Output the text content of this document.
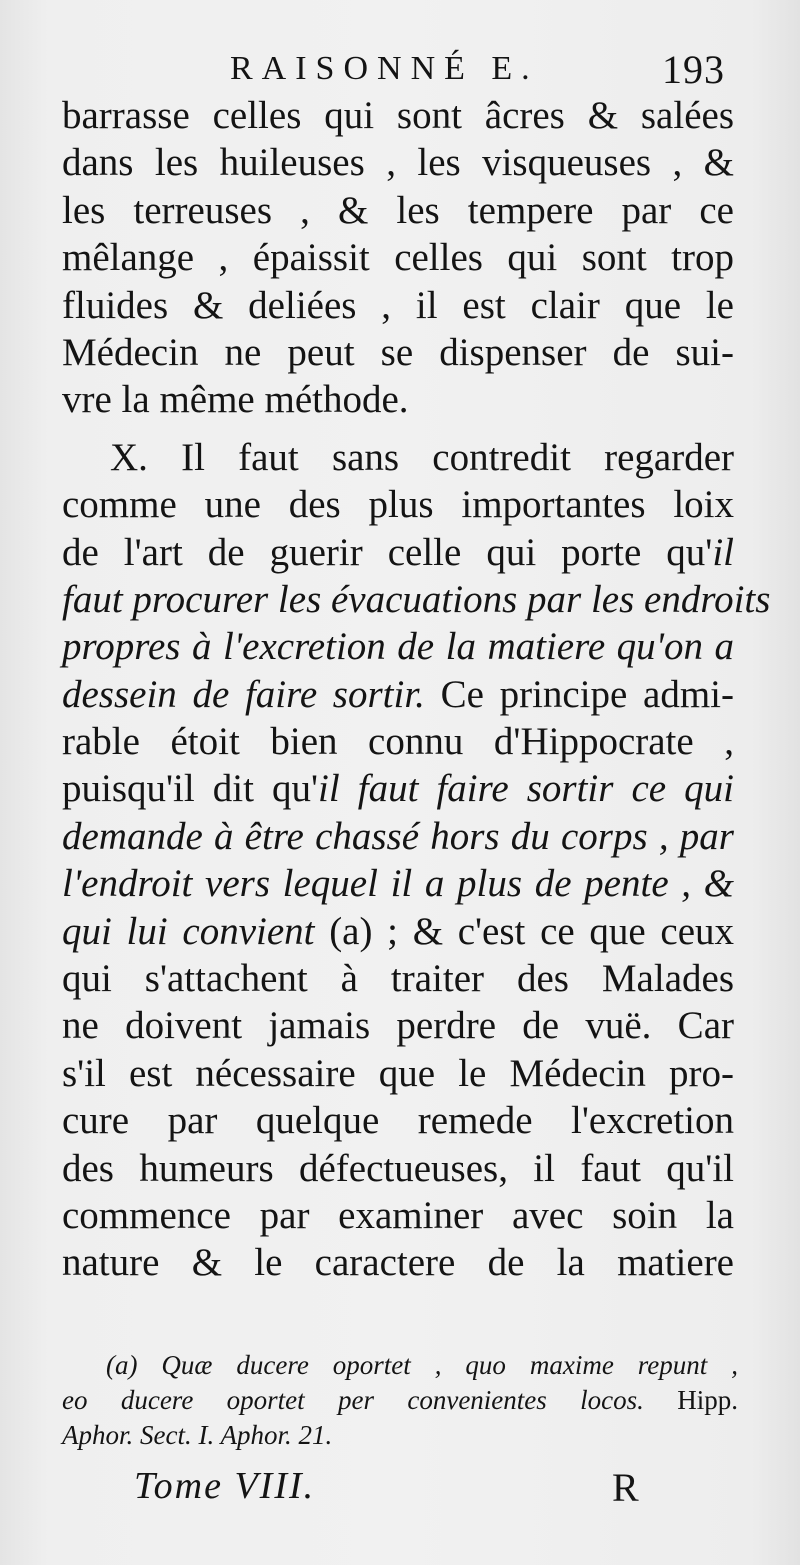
RAISONNÉ E.	193
barrasse celles qui sont âcres & salées
dans les huileuses , les visqueuses , &
les terreuses , & les tempere par ce
mêlange , épaissit celles qui sont trop
fluides & deliées , il est clair que le
Médecin ne peut se dispenser de sui-
vre la même méthode.
X. Il faut sans contredit regarder
comme une des plus importantes loix
de l'art de guerir celle qui porte qu'il
faut procurer les évacuations par les endroits
propres à l'excretion de la matiere qu'on a
dessein de faire sortir. Ce principe admi-
rable étoit bien connu d'Hippocrate ,
puisqu'il dit qu'il faut faire sortir ce qui
demande à être chassé hors du corps , par
l'endroit vers lequel il a plus de pente , &
qui lui convient (a) ; & c'est ce que ceux
qui s'attachent à traiter des Malades
ne doivent jamais perdre de vuë. Car
s'il est nécessaire que le Médecin pro-
cure par quelque remede l'excretion
des humeurs défectueuses, il faut qu'il
commence par examiner avec soin la
nature & le caractere de la matiere
(a) Quæ ducere oportet , quo maxime repunt ,
eo ducere oportet per convenientes locos. Hipp.
Aphor. Sect. I. Aphor. 21.
Tome VIII.	R
